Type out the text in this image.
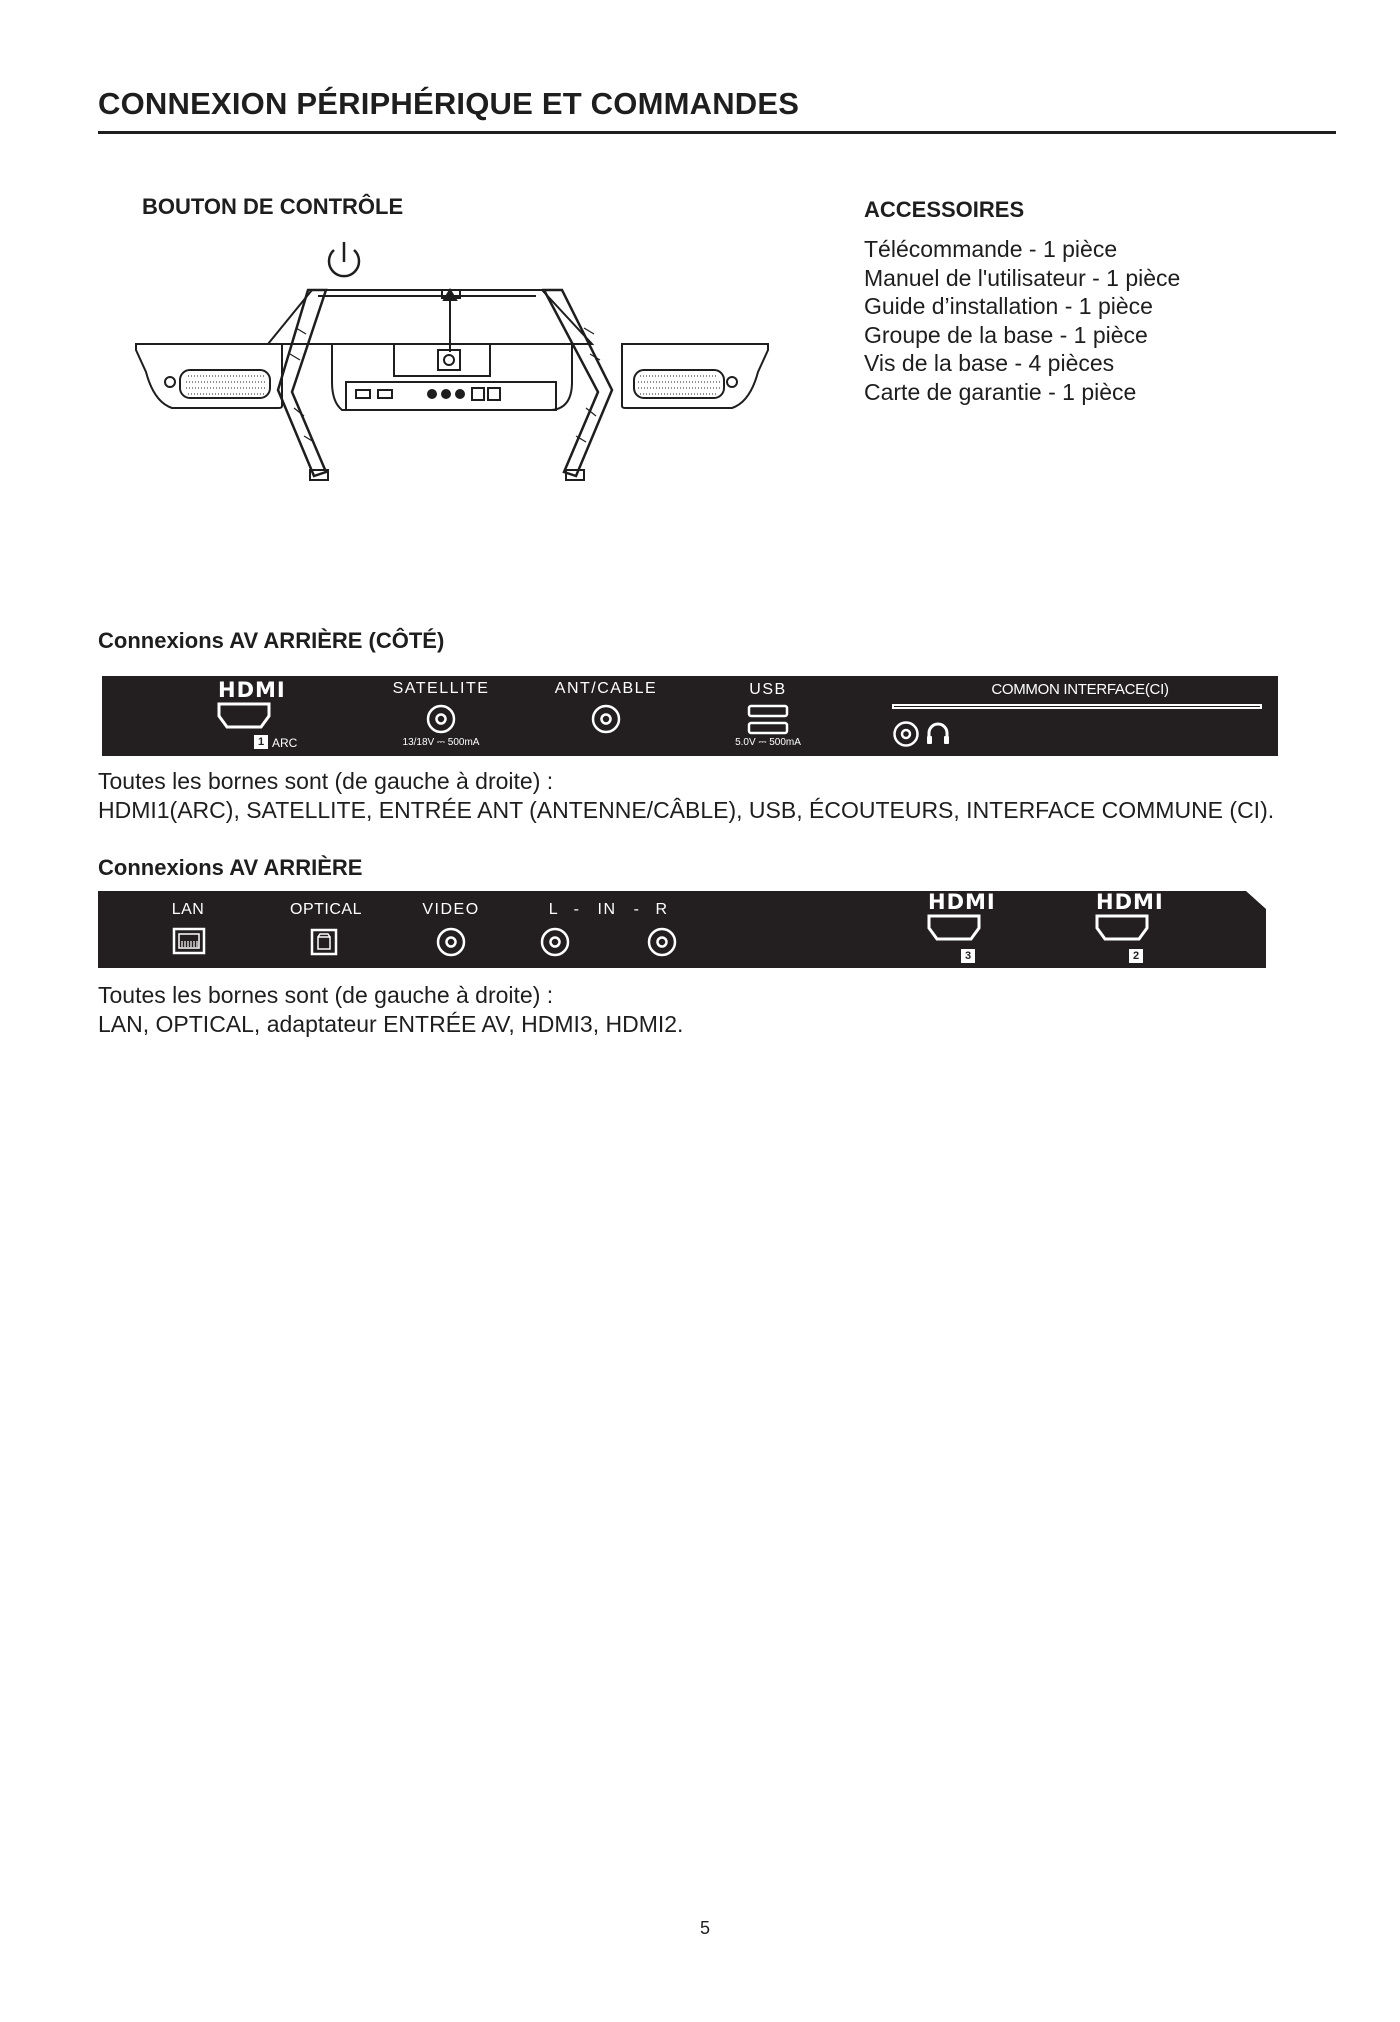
CONNEXION PÉRIPHÉRIQUE ET COMMANDES
BOUTON DE CONTRÔLE	ACCESSOIRES
Télécommande - 1 pièce
Manuel de l'utilisateur - 1 pièce
Guide d’installation - 1 pièce
Groupe de la base - 1 pièce
Vis de la base - 4 pièces
Carte de garantie - 1 pièce
Connexions AV ARRIÈRE (CÔTÉ)
HDMI
1 ARC
SATELLITE
13/18V ⎓ 500mA
ANT/CABLE	USB
5.0V ⎓ 500mA
COMMON INTERFACE(CI)
Toutes les bornes sont (de gauche à droite) :
HDMI1(ARC), SATELLITE, ENTRÉE ANT (ANTENNE/CÂBLE), USB, ÉCOUTEURS, INTERFACE COMMUNE (CI).
Connexions AV ARRIÈRE
LAN	OPTICAL	VIDEO	L -	IN	- R	HDMI
3
HDMI
2
Toutes les bornes sont (de gauche à droite) :
LAN, OPTICAL, adaptateur ENTRÉE AV, HDMI3, HDMI2.
5
